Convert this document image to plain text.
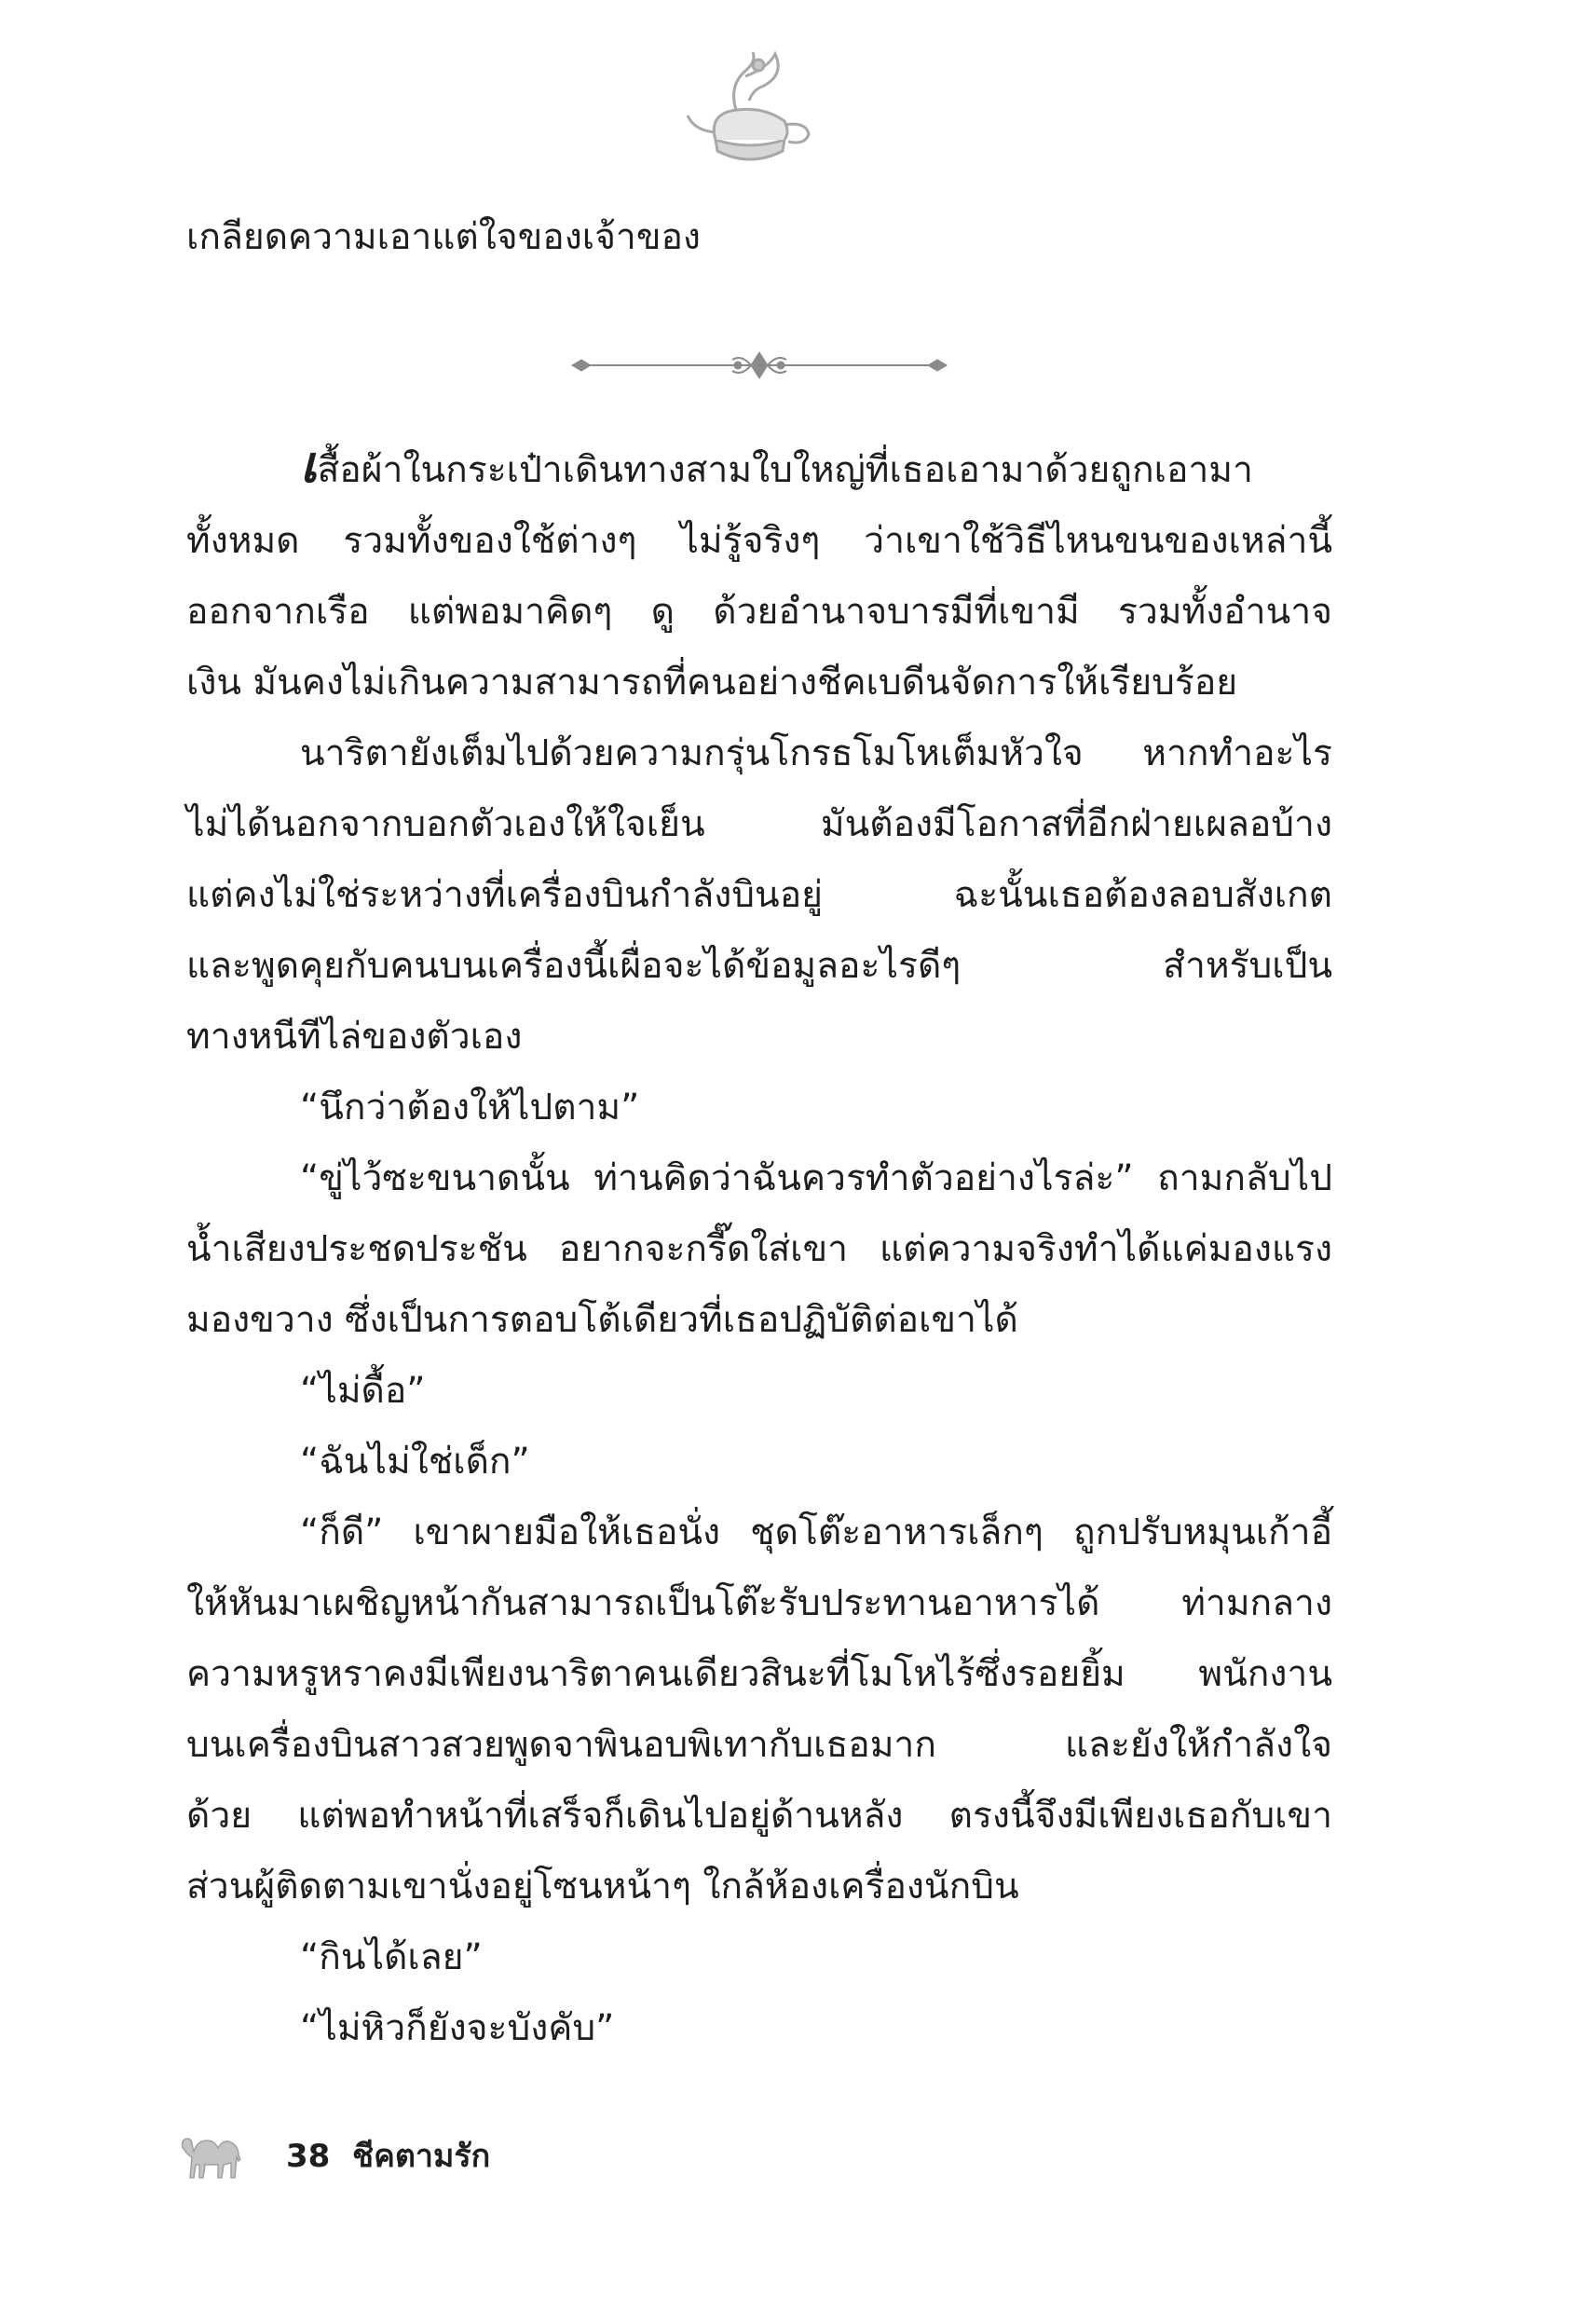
เกลียดความเอาแต่ใจของเจ้าของ
เสื้อผ้าในกระเป๋าเดินทางสามใบใหญ่ที่เธอเอามาด้วยถูกเอามา
ทั้งหมด รวมทั้งของใช้ต่างๆ ไม่รู้จริงๆ ว่าเขาใช้วิธีไหนขนของเหล่านี้
ออกจากเรือ แต่พอมาคิดๆ ดู ด้วยอำนาจบารมีที่เขามี รวมทั้งอำนาจ
เงิน มันคงไม่เกินความสามารถที่คนอย่างชีคเบดีนจัดการให้เรียบร้อย
นาริตายังเต็มไปด้วยความกรุ่นโกรธโมโหเต็มหัวใจ หากทำอะไร
ไม่ได้นอกจากบอกตัวเองให้ใจเย็น มันต้องมีโอกาสที่อีกฝ่ายเผลอบ้าง
แต่คงไม่ใช่ระหว่างที่เครื่องบินกำลังบินอยู่ ฉะนั้นเธอต้องลอบสังเกต
และพูดคุยกับคนบนเครื่องนี้เผื่อจะได้ข้อมูลอะไรดีๆ สำหรับเป็น
ทางหนีทีไล่ของตัวเอง
“นึกว่าต้องให้ไปตาม”
“ขู่ไว้ซะขนาดนั้น ท่านคิดว่าฉันควรทำตัวอย่างไรล่ะ” ถามกลับไป
น้ำเสียงประชดประชัน อยากจะกรี๊ดใส่เขา แต่ความจริงทำได้แค่มองแรง
มองขวาง ซึ่งเป็นการตอบโต้เดียวที่เธอปฏิบัติต่อเขาได้
“ไม่ดื้อ”
“ฉันไม่ใช่เด็ก”
“ก็ดี” เขาผายมือให้เธอนั่ง ชุดโต๊ะอาหารเล็กๆ ถูกปรับหมุนเก้าอี้
ให้หันมาเผชิญหน้ากันสามารถเป็นโต๊ะรับประทานอาหารได้ ท่ามกลาง
ความหรูหราคงมีเพียงนาริตาคนเดียวสินะที่โมโหไร้ซึ่งรอยยิ้ม พนักงาน
บนเครื่องบินสาวสวยพูดจาพินอบพิเทากับเธอมาก และยังให้กำลังใจ
ด้วย แต่พอทำหน้าที่เสร็จก็เดินไปอยู่ด้านหลัง ตรงนี้จึงมีเพียงเธอกับเขา
ส่วนผู้ติดตามเขานั่งอยู่โซนหน้าๆ ใกล้ห้องเครื่องนักบิน
“กินได้เลย”
“ไม่หิวก็ยังจะบังคับ”
38 ชีคตามรัก
